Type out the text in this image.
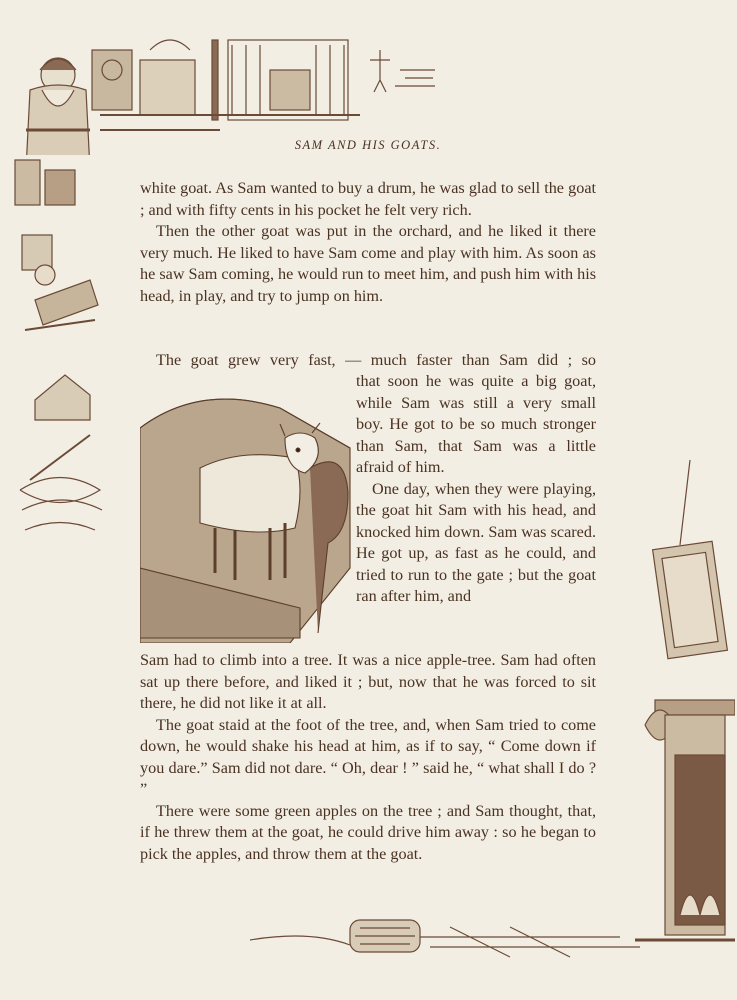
SAM AND HIS GOATS.

white goat. As Sam wanted to buy a drum, he was glad to sell the goat ; and with fifty cents in his pocket he felt very rich.

Then the other goat was put in the orchard, and he liked it there very much. He liked to have Sam come and play with him. As soon as he saw Sam coming, he would run to meet him, and push him with his head, in play, and try to jump on him.

The goat grew very fast, — much faster than Sam did ; so

that soon he was quite a big goat, while Sam was still a very small boy. He got to be so much stronger than Sam, that Sam was a little afraid of him.

One day, when they were playing, the goat hit Sam with his head, and knocked him down. Sam was scared. He got up, as fast as he could, and tried to run to the gate ; but the goat ran after him, and

Sam had to climb into a tree. It was a nice apple-tree. Sam had often sat up there before, and liked it ; but, now that he was forced to sit there, he did not like it at all.

The goat staid at the foot of the tree, and, when Sam tried to come down, he would shake his head at him, as if to say, “ Come down if you dare.” Sam did not dare. “ Oh, dear ! ” said he, “ what shall I do ? ”

There were some green apples on the tree ; and Sam thought, that, if he threw them at the goat, he could drive him away : so he began to pick the apples, and throw them at the goat.
